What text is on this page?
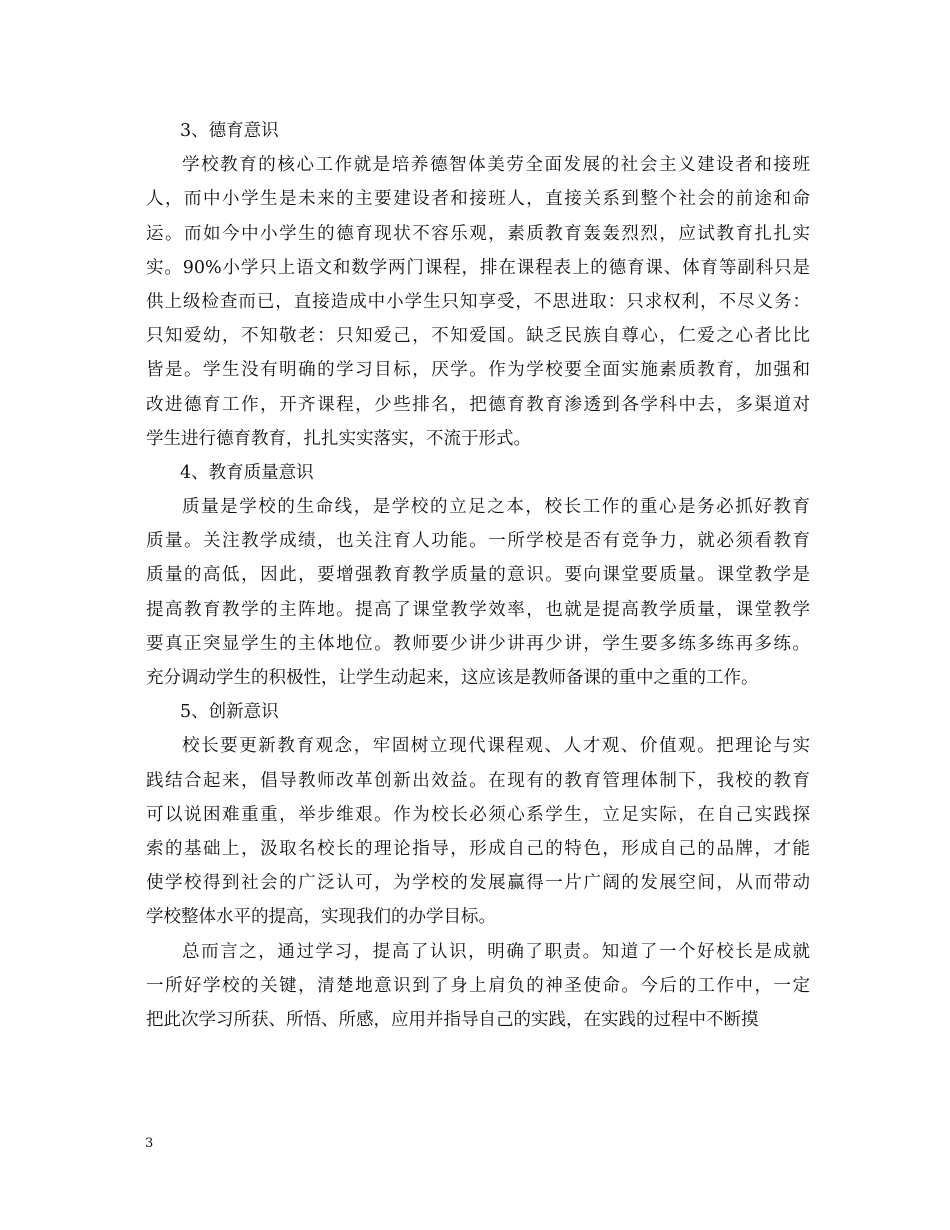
3、德育意识
学校教育的核心工作就是培养德智体美劳全面发展的社会主义建设者和接班
人，而中小学生是未来的主要建设者和接班人，直接关系到整个社会的前途和命
运。而如今中小学生的德育现状不容乐观，素质教育轰轰烈烈，应试教育扎扎实
实。90%小学只上语文和数学两门课程，排在课程表上的德育课、体育等副科只是
供上级检查而已，直接造成中小学生只知享受，不思进取：只求权利，不尽义务：
只知爱幼，不知敬老：只知爱己，不知爱国。缺乏民族自尊心，仁爱之心者比比
皆是。学生没有明确的学习目标，厌学。作为学校要全面实施素质教育，加强和
改进德育工作，开齐课程，少些排名，把德育教育渗透到各学科中去，多渠道对
学生进行德育教育，扎扎实实落实，不流于形式。
4、教育质量意识
质量是学校的生命线，是学校的立足之本，校长工作的重心是务必抓好教育
质量。关注教学成绩，也关注育人功能。一所学校是否有竞争力，就必须看教育
质量的高低，因此，要增强教育教学质量的意识。要向课堂要质量。课堂教学是
提高教育教学的主阵地。提高了课堂教学效率，也就是提高教学质量，课堂教学
要真正突显学生的主体地位。教师要少讲少讲再少讲，学生要多练多练再多练。
充分调动学生的积极性，让学生动起来，这应该是教师备课的重中之重的工作。
5、创新意识
校长要更新教育观念，牢固树立现代课程观、人才观、价值观。把理论与实
践结合起来，倡导教师改革创新出效益。在现有的教育管理体制下，我校的教育
可以说困难重重，举步维艰。作为校长必须心系学生，立足实际，在自己实践探
索的基础上，汲取名校长的理论指导，形成自己的特色，形成自己的品牌，才能
使学校得到社会的广泛认可，为学校的发展赢得一片广阔的发展空间，从而带动
学校整体水平的提高，实现我们的办学目标。
总而言之，通过学习，提高了认识，明确了职责。知道了一个好校长是成就
一所好学校的关键，清楚地意识到了身上肩负的神圣使命。今后的工作中，一定
把此次学习所获、所悟、所感，应用并指导自己的实践，在实践的过程中不断摸
3
